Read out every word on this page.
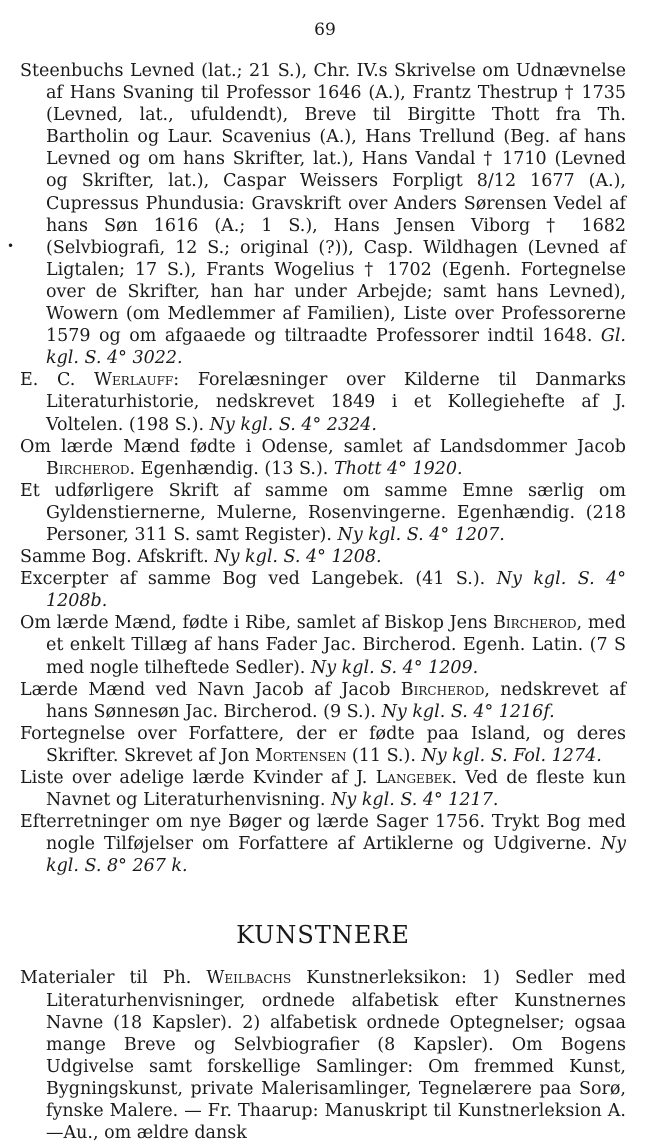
69
•

Steenbuchs Levned (lat.; 21 S.), Chr. IV.s Skrivelse om Udnævnelse af Hans Svaning til Professor 1646 (A.), Frantz Thestrup † 1735 (Levned, lat., ufuldendt), Breve til Birgitte Thott fra Th. Bartholin og Laur. Scavenius (A.), Hans Trellund (Beg. af hans Levned og om hans Skrifter, lat.), Hans Vandal † 1710 (Levned og Skrifter, lat.), Caspar Weissers Forpligt 8/12 1677 (A.), Cupressus Phundusia: Gravskrift over Anders Sørensen Vedel af hans Søn 1616 (A.; 1 S.), Hans Jensen Viborg † 1682 (Selvbiografi, 12 S.; original (?)), Casp. Wildhagen (Levned af Ligtalen; 17 S.), Frants Wogelius † 1702 (Egenh. Fortegnelse over de Skrifter, han har under Arbejde; samt hans Levned), Wowern (om Medlemmer af Familien), Liste over Professorerne 1579 og om afgaaede og tiltraadte Professorer indtil 1648. Gl. kgl. S. 4° 3022.

E. C. Werlauff: Forelæsninger over Kilderne til Danmarks Literaturhistorie, nedskrevet 1849 i et Kollegiehefte af J. Voltelen. (198 S.). Ny kgl. S. 4° 2324.

Om lærde Mænd fødte i Odense, samlet af Landsdommer Jacob Bircherod. Egenhændig. (13 S.). Thott 4° 1920.

Et udførligere Skrift af samme om samme Emne særlig om Gyldenstiernerne, Mulerne, Rosenvingerne. Egenhændig. (218 Personer, 311 S. samt Register). Ny kgl. S. 4° 1207.

Samme Bog. Afskrift. Ny kgl. S. 4° 1208.

Excerpter af samme Bog ved Langebek. (41 S.). Ny kgl. S. 4° 1208b.

Om lærde Mænd, fødte i Ribe, samlet af Biskop Jens Bircherod, med et enkelt Tillæg af hans Fader Jac. Bircherod. Egenh. Latin. (7 S med nogle tilheftede Sedler). Ny kgl. S. 4° 1209.

Lærde Mænd ved Navn Jacob af Jacob Bircherod, nedskrevet af hans Sønnesøn Jac. Bircherod. (9 S.). Ny kgl. S. 4° 1216f.

Fortegnelse over Forfattere, der er fødte paa Island, og deres Skrifter. Skrevet af Jon Mortensen (11 S.). Ny kgl. S. Fol. 1274.

Liste over adelige lærde Kvinder af J. Langebek. Ved de fleste kun Navnet og Literaturhenvisning. Ny kgl. S. 4° 1217.

Efterretninger om nye Bøger og lærde Sager 1756. Trykt Bog med nogle Tilføjelser om Forfattere af Artiklerne og Udgiverne. Ny kgl. S. 8° 267 k.

KUNSTNERE

Materialer til Ph. Weilbachs Kunstnerleksikon: 1) Sedler med Literaturhenvisninger, ordnede alfabetisk efter Kunstnernes Navne (18 Kapsler). 2) alfabetisk ordnede Optegnelser; ogsaa mange Breve og Selvbiografier (8 Kapsler). Om Bogens Udgivelse samt forskellige Samlinger: Om fremmed Kunst, Bygningskunst, private Malerisamlinger, Tegnelærere paa Sorø, fynske Malere. — Fr. Thaarup: Manuskript til Kunstnerleksion A.—Au., om ældre dansk
